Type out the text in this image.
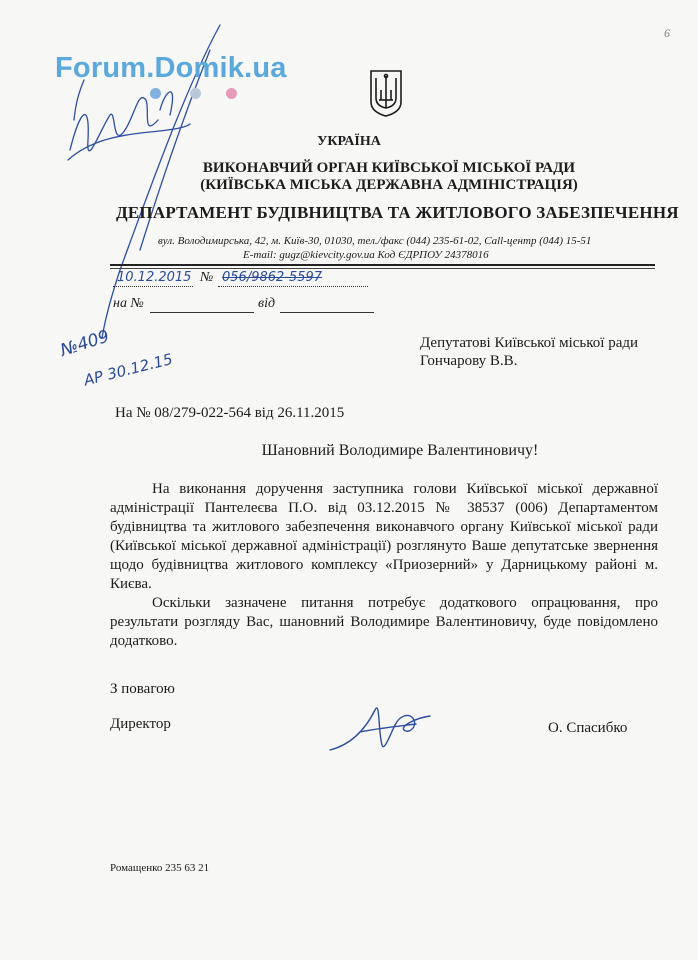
Forum.Domik.ua
6
УКРАЇНА
ВИКОНАВЧИЙ ОРГАН КИЇВСЬКОЇ МІСЬКОЇ РАДИ
(КИЇВСЬКА МІСЬКА ДЕРЖАВНА АДМІНІСТРАЦІЯ)
ДЕПАРТАМЕНТ БУДІВНИЦТВА ТА ЖИТЛОВОГО ЗАБЕЗПЕЧЕННЯ
вул. Володимирська, 42, м. Київ-30, 01030, тел./факс (044) 235-61-02, Call-центр (044) 15-51
E-mail: gugz@kievcity.gov.ua Код ЄДРПОУ 24378016
10.12.2015 № 056/9862-5597
на №	від
№409
АР 30.12.15
Депутатові Київської міської ради
Гончарову В.В.
На № 08/279-022-564 від 26.11.2015
Шановний Володимире Валентиновичу!
На виконання доручення заступника голови Київської міської державної адміністрації Пантелеєва П.О. від 03.12.2015 № 38537 (006) Департаментом будівництва та житлового забезпечення виконавчого органу Київської міської ради (Київської міської державної адміністрації) розглянуто Ваше депутатське звернення щодо будівництва житлового комплексу «Приозерний» у Дарницькому районі м. Києва.
Оскільки зазначене питання потребує додаткового опрацювання, про результати розгляду Вас, шановний Володимире Валентиновичу, буде повідомлено додатково.
З повагою
Директор	О. Спасибко
Ромащенко 235 63 21
